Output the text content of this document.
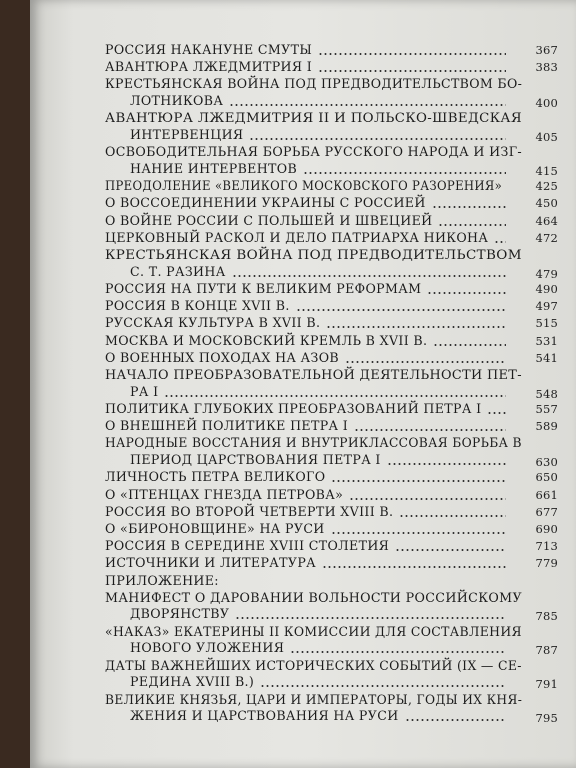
РОССИЯ НАКАНУНЕ СМУТЫ	367
АВАНТЮРА ЛЖЕДМИТРИЯ I	383
КРЕСТЬЯНСКАЯ ВОЙНА ПОД ПРЕДВОДИТЕЛЬСТВОМ БО-
ЛОТНИКОВА	400
АВАНТЮРА ЛЖЕДМИТРИЯ II И ПОЛЬСКО-ШВЕДСКАЯ
ИНТЕРВЕНЦИЯ	405
ОСВОБОДИТЕЛЬНАЯ БОРЬБА РУССКОГО НАРОДА И ИЗГ-
НАНИЕ ИНТЕРВЕНТОВ	415
ПРЕОДОЛЕНИЕ «ВЕЛИКОГО МОСКОВСКОГО РАЗОРЕНИЯ»	425
О ВОССОЕДИНЕНИИ УКРАИНЫ С РОССИЕЙ	450
О ВОЙНЕ РОССИИ С ПОЛЬШЕЙ И ШВЕЦИЕЙ	464
ЦЕРКОВНЫЙ РАСКОЛ И ДЕЛО ПАТРИАРХА НИКОНА	472
КРЕСТЬЯНСКАЯ ВОЙНА ПОД ПРЕДВОДИТЕЛЬСТВОМ
С. Т. РАЗИНА	479
РОССИЯ НА ПУТИ К ВЕЛИКИМ РЕФОРМАМ	490
РОССИЯ В КОНЦЕ XVII В.	497
РУССКАЯ КУЛЬТУРА В XVII В.	515
МОСКВА И МОСКОВСКИЙ КРЕМЛЬ В XVII В.	531
О ВОЕННЫХ ПОХОДАХ НА АЗОВ	541
НАЧАЛО ПРЕОБРАЗОВАТЕЛЬНОЙ ДЕЯТЕЛЬНОСТИ ПЕТ-
РА I	548
ПОЛИТИКА ГЛУБОКИХ ПРЕОБРАЗОВАНИЙ ПЕТРА I	557
О ВНЕШНЕЙ ПОЛИТИКЕ ПЕТРА I	589
НАРОДНЫЕ ВОССТАНИЯ И ВНУТРИКЛАССОВАЯ БОРЬБА В
ПЕРИОД ЦАРСТВОВАНИЯ ПЕТРА I	630
ЛИЧНОСТЬ ПЕТРА ВЕЛИКОГО	650
О «ПТЕНЦАХ ГНЕЗДА ПЕТРОВА»	661
РОССИЯ ВО ВТОРОЙ ЧЕТВЕРТИ XVIII В.	677
О «БИРОНОВЩИНЕ» НА РУСИ	690
РОССИЯ В СЕРЕДИНЕ XVIII СТОЛЕТИЯ	713
ИСТОЧНИКИ И ЛИТЕРАТУРА	779
ПРИЛОЖЕНИЕ:
МАНИФЕСТ О ДАРОВАНИИ ВОЛЬНОСТИ РОССИЙСКОМУ
ДВОРЯНСТВУ	785
«НАКАЗ» ЕКАТЕРИНЫ II КОМИССИИ ДЛЯ СОСТАВЛЕНИЯ
НОВОГО УЛОЖЕНИЯ	787
ДАТЫ ВАЖНЕЙШИХ ИСТОРИЧЕСКИХ СОБЫТИЙ (IX — СЕ-
РЕДИНА XVIII В.)	791
ВЕЛИКИЕ КНЯЗЬЯ, ЦАРИ И ИМПЕРАТОРЫ, ГОДЫ ИХ КНЯ-
ЖЕНИЯ И ЦАРСТВОВАНИЯ НА РУСИ	795
